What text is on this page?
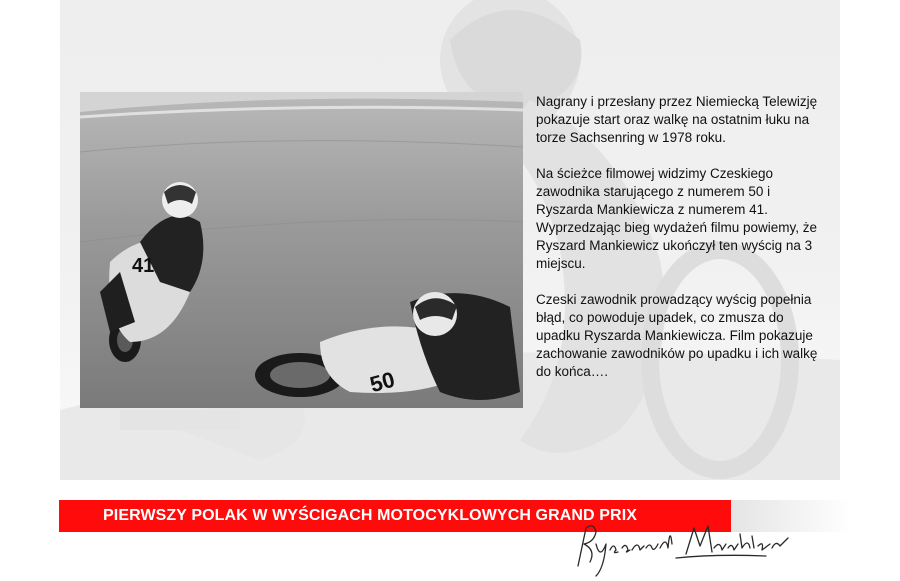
41
50

Nagrany i przesłany przez Niemiecką Telewizję pokazuje start oraz walkę na ostatnim łuku na torze Sachsenring w 1978 roku.

Na ścieżce filmowej widzimy Czeskiego zawodnika starującego z numerem 50 i Ryszarda Mankiewicza z numerem 41. Wyprzedzając bieg wydażeń filmu powiemy, że Ryszard Mankiewicz ukończył ten wyścig na 3 miejscu.

Czeski zawodnik prowadzący wyścig popełnia błąd, co powoduje upadek, co zmusza do upadku Ryszarda Mankiewicza. Film pokazuje zachowanie zawodników po upadku i ich walkę do końca….

PIERWSZY POLAK W WYŚCIGACH MOTOCYKLOWYCH GRAND PRIX
